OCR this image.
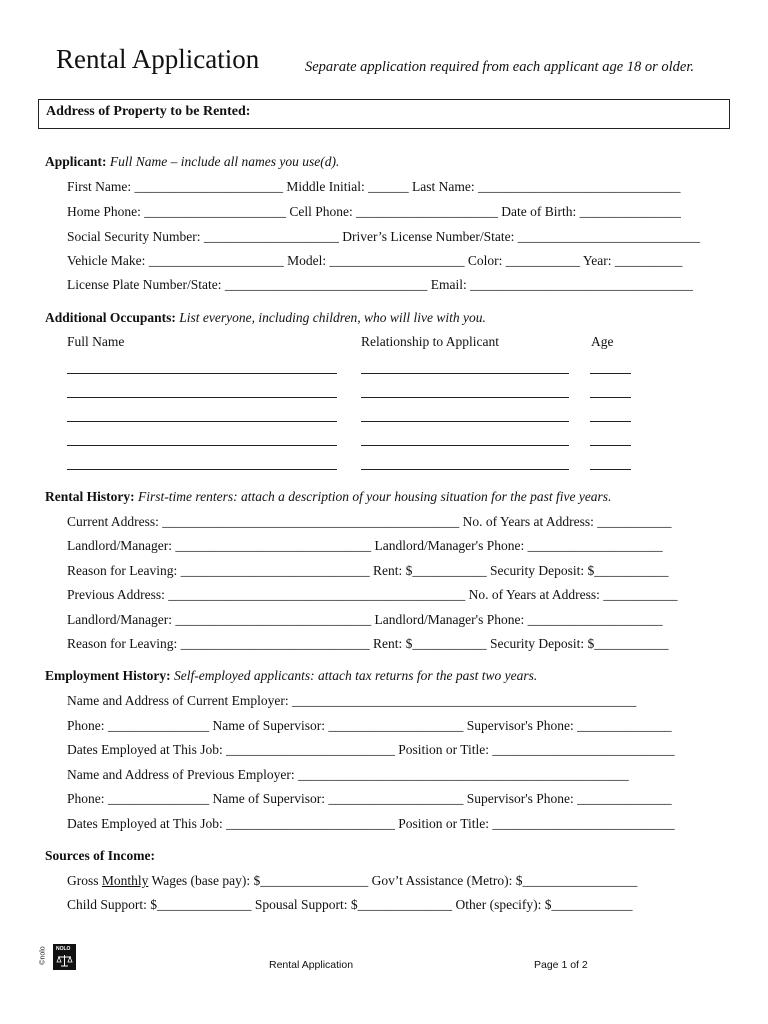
Rental Application	Separate application required from each applicant age 18 or older.
Address of Property to be Rented:
Applicant: Full Name – include all names you use(d).
First Name: ______________________ Middle Initial: ______ Last Name: ______________________________
Home Phone: _____________________ Cell Phone: _____________________ Date of Birth: _______________
Social Security Number: ____________________ Driver’s License Number/State: ___________________________
Vehicle Make: ____________________ Model: ____________________ Color: ___________ Year: __________
License Plate Number/State: ______________________________ Email: _________________________________
Additional Occupants: List everyone, including children, who will live with you.
Full Name	Relationship to Applicant	Age
Rental History: First-time renters: attach a description of your housing situation for the past five years.
Current Address: ____________________________________________ No. of Years at Address: ___________
Landlord/Manager: _____________________________ Landlord/Manager's Phone: ____________________
Reason for Leaving: ____________________________ Rent: $___________ Security Deposit: $___________
Previous Address: ____________________________________________ No. of Years at Address: ___________
Landlord/Manager: _____________________________ Landlord/Manager's Phone: ____________________
Reason for Leaving: ____________________________ Rent: $___________ Security Deposit: $___________
Employment History: Self-employed applicants: attach tax returns for the past two years.
Name and Address of Current Employer: ___________________________________________________
Phone: _______________ Name of Supervisor: ____________________ Supervisor's Phone: ______________
Dates Employed at This Job: _________________________ Position or Title: ___________________________
Name and Address of Previous Employer: _________________________________________________
Phone: _______________ Name of Supervisor: ____________________ Supervisor's Phone: ______________
Dates Employed at This Job: _________________________ Position or Title: ___________________________
Sources of Income:
Gross Monthly Wages (base pay): $________________ Gov’t Assistance (Metro): $_________________
Child Support: $______________ Spousal Support: $______________ Other (specify): $____________
©nolo NOLO
Rental Application	Page 1 of 2
